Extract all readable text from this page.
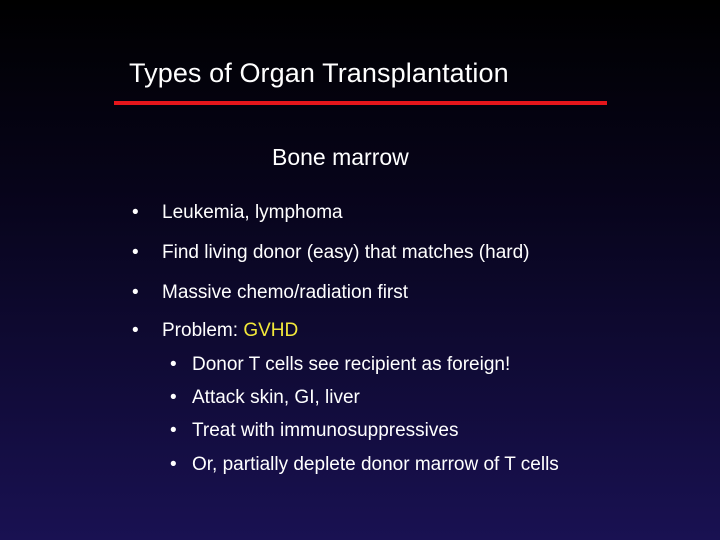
Types of Organ Transplantation
Bone marrow
•	Leukemia, lymphoma
•	Find living donor (easy) that matches (hard)
•	Massive chemo/radiation first
•	Problem: GVHD
• Donor T cells see recipient as foreign!
• Attack skin, GI, liver
• Treat with immunosuppressives
• Or, partially deplete donor marrow of T cells
